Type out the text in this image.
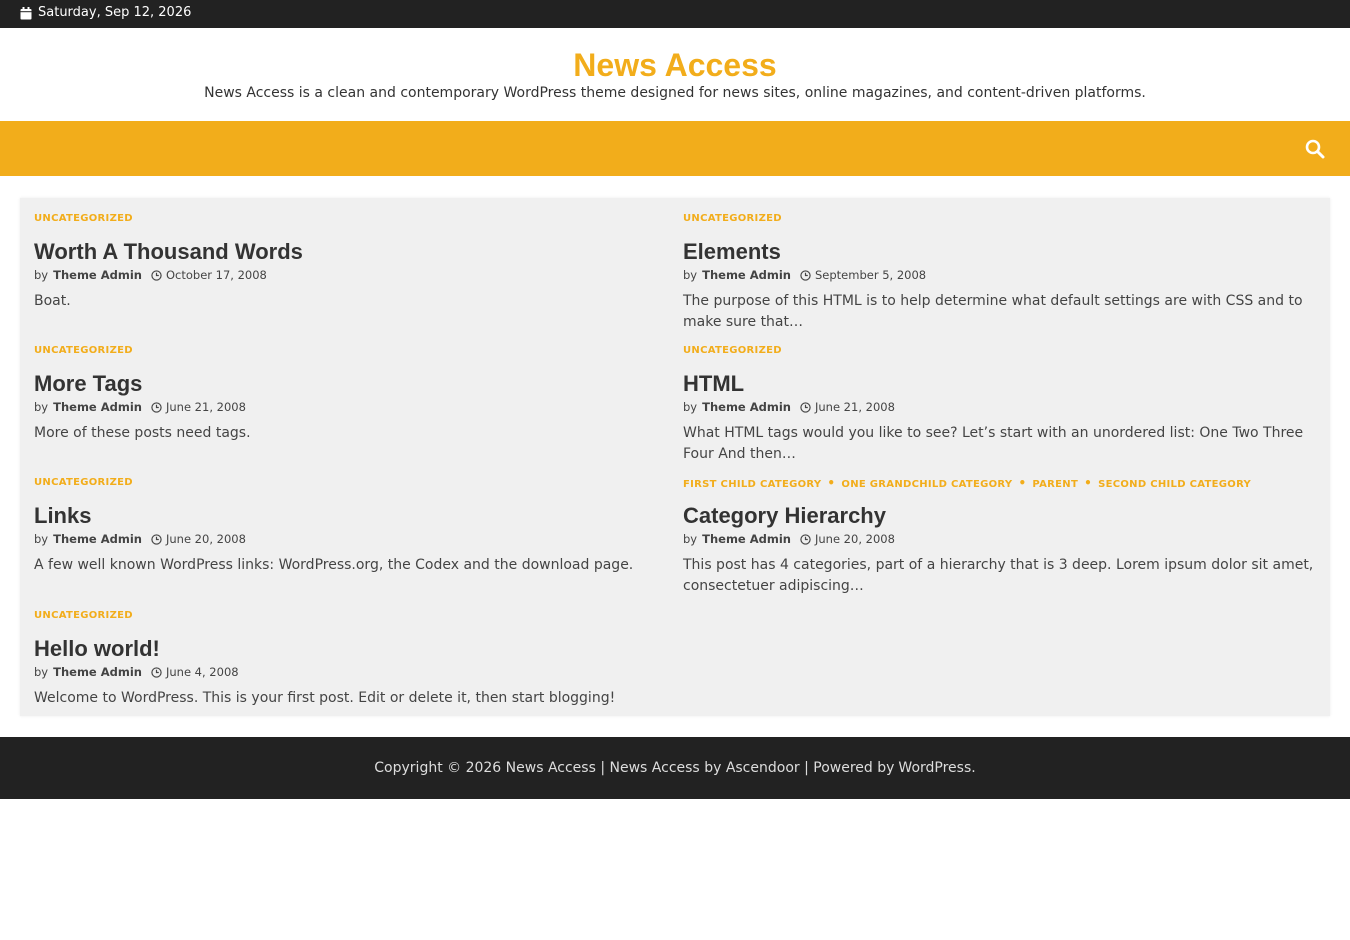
Saturday, Sep 12, 2026
News Access
News Access is a clean and contemporary WordPress theme designed for news sites, online magazines, and content-driven platforms.
UNCATEGORIZED
Worth A Thousand Words
by Theme Admin October 17, 2008
Boat.
UNCATEGORIZED
Elements
by Theme Admin September 5, 2008
The purpose of this HTML is to help determine what default settings are with CSS and to make sure that…
UNCATEGORIZED
More Tags
by Theme Admin June 21, 2008
More of these posts need tags.
UNCATEGORIZED
HTML
by Theme Admin June 21, 2008
What HTML tags would you like to see? Let’s start with an unordered list: One Two Three Four And then…
UNCATEGORIZED
Links
by Theme Admin June 20, 2008
A few well known WordPress links: WordPress.org, the Codex and the download page.
FIRST CHILD CATEGORY • ONE GRANDCHILD CATEGORY • PARENT • SECOND CHILD CATEGORY
Category Hierarchy
by Theme Admin June 20, 2008
This post has 4 categories, part of a hierarchy that is 3 deep. Lorem ipsum dolor sit amet, consectetuer adipiscing…
UNCATEGORIZED
Hello world!
by Theme Admin June 4, 2008
Welcome to WordPress. This is your first post. Edit or delete it, then start blogging!
Copyright © 2026 News Access | News Access by Ascendoor | Powered by WordPress.
